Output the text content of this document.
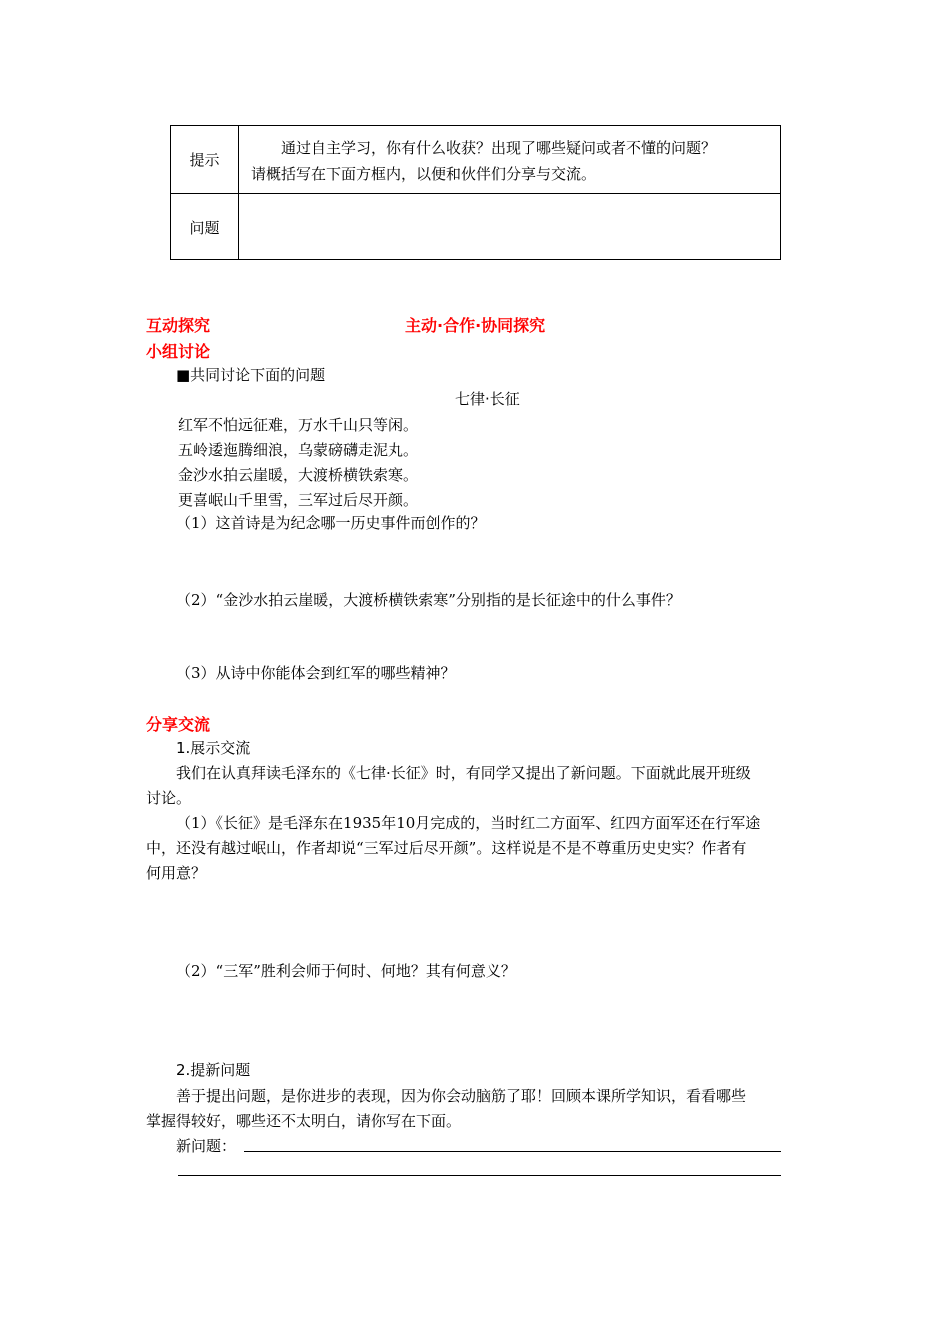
提示
通过自主学习，你有什么收获？出现了哪些疑问或者不懂的问题？
请概括写在下面方框内，以便和伙伴们分享与交流。
问题
互动探究	主动·合作·协同探究
小组讨论
■共同讨论下面的问题
七律·长征
红军不怕远征难，万水千山只等闲。
五岭逶迤腾细浪，乌蒙磅礴走泥丸。
金沙水拍云崖暖，大渡桥横铁索寒。
更喜岷山千里雪，三军过后尽开颜。
（1）这首诗是为纪念哪一历史事件而创作的？
（2）“金沙水拍云崖暖，大渡桥横铁索寒”分别指的是长征途中的什么事件？
（3）从诗中你能体会到红军的哪些精神？
分享交流
1.展示交流
我们在认真拜读毛泽东的《七律·长征》时，有同学又提出了新问题。下面就此展开班级
讨论。
（1）《长征》是毛泽东在1935年10月完成的，当时红二方面军、红四方面军还在行军途
中，还没有越过岷山，作者却说“三军过后尽开颜”。这样说是不是不尊重历史史实？作者有
何用意？
（2）“三军”胜利会师于何时、何地？其有何意义？
2.提新问题
善于提出问题，是你进步的表现，因为你会动脑筋了耶！回顾本课所学知识，看看哪些
掌握得较好，哪些还不太明白，请你写在下面。
新问题：
